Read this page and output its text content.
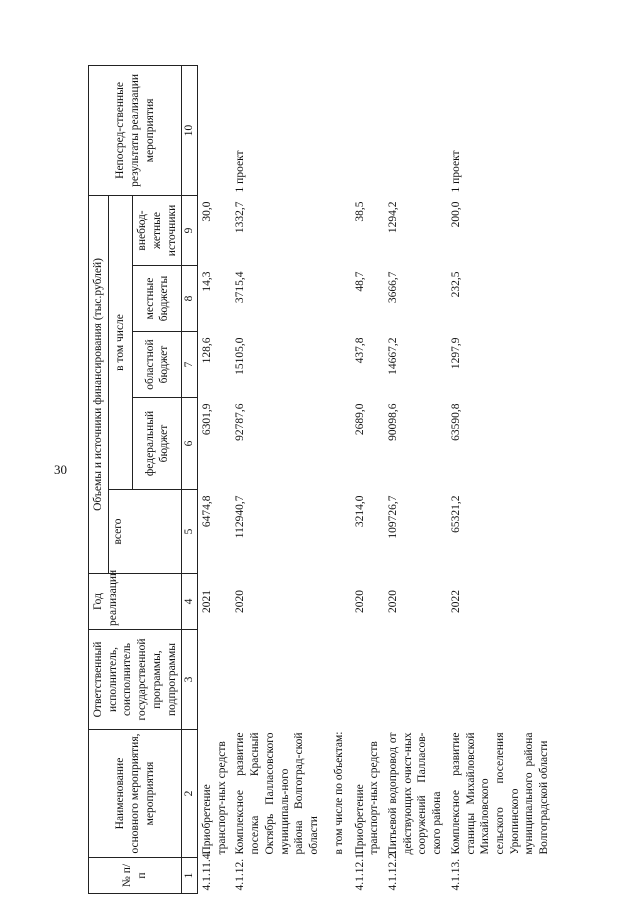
30
№ п/п	Наименование основного мероприятия, мероприятия	Ответственный исполнитель, соисполнитель государственной программы, подпрограммы	Год реализации	Объемы и источники финансирования (тыс.рублей)					Непосред-ственные результаты реализации мероприятия
				всего	в том числе				
					федеральный бюджет	областной бюджет	местные бюджеты	внебюд-жетные источники	
1	2	3	4	5	6	7	8	9	10
4.1.11.4.	Приобретение транспорт-ных средств		2021	6474,8	6301,9	128,6	14,3	30,0	
4.1.12.	Комплексное развитие поселка Красный Октябрь Палласовского муниципаль-ного района Волгоград-ской области		2020	112940,7	92787,6	15105,0	3715,4	1332,7	1 проект
	в том числе по объектам:								
4.1.12.1.	Приобретение транспорт-ных средств		2020	3214,0	2689,0	437,8	48,7	38,5	
4.1.12.2.	Питьевой водопровод от действующих очист-ных сооружений Палласов-ского района		2020	109726,7	90098,6	14667,2	3666,7	1294,2	
4.1.13.	Комплексное развитие станицы Михайловской Михайловского сельского поселения Урюпинского муниципального района Волгоградской области		2022	65321,2	63590,8	1297,9	232,5	200,0	1 проект
